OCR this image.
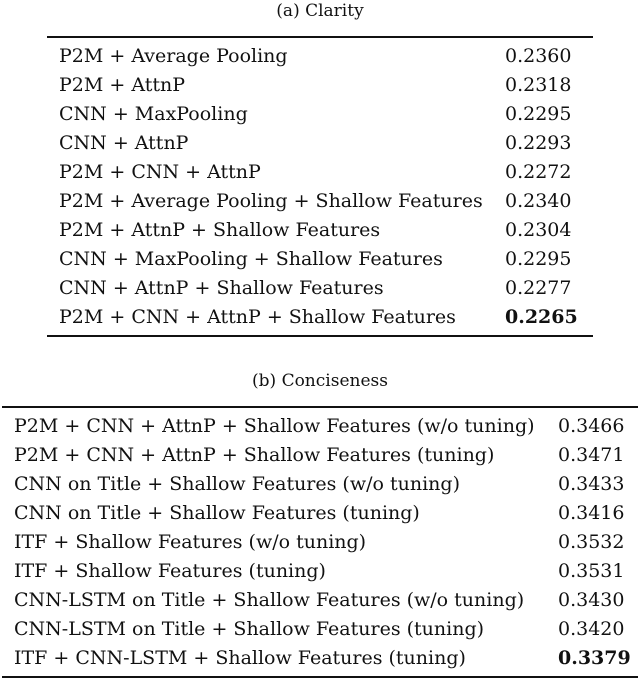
(a) Clarity
P2M + Average Pooling	0.2360
P2M + AttnP	0.2318
CNN + MaxPooling	0.2295
CNN + AttnP	0.2293
P2M + CNN + AttnP	0.2272
P2M + Average Pooling + Shallow Features 0.2340
P2M + AttnP + Shallow Features	0.2304
CNN + MaxPooling + Shallow Features	0.2295
CNN + AttnP + Shallow Features	0.2277
P2M + CNN + AttnP + Shallow Features	0.2265
(b) Conciseness
P2M + CNN + AttnP + Shallow Features (w/o tuning) 0.3466
P2M + CNN + AttnP + Shallow Features (tuning)	0.3471
CNN on Title + Shallow Features (w/o tuning)	0.3433
CNN on Title + Shallow Features (tuning)	0.3416
ITF + Shallow Features (w/o tuning)	0.3532
ITF + Shallow Features (tuning)	0.3531
CNN-LSTM on Title + Shallow Features (w/o tuning) 0.3430
CNN-LSTM on Title + Shallow Features (tuning)	0.3420
ITF + CNN-LSTM + Shallow Features (tuning)	0.3379
